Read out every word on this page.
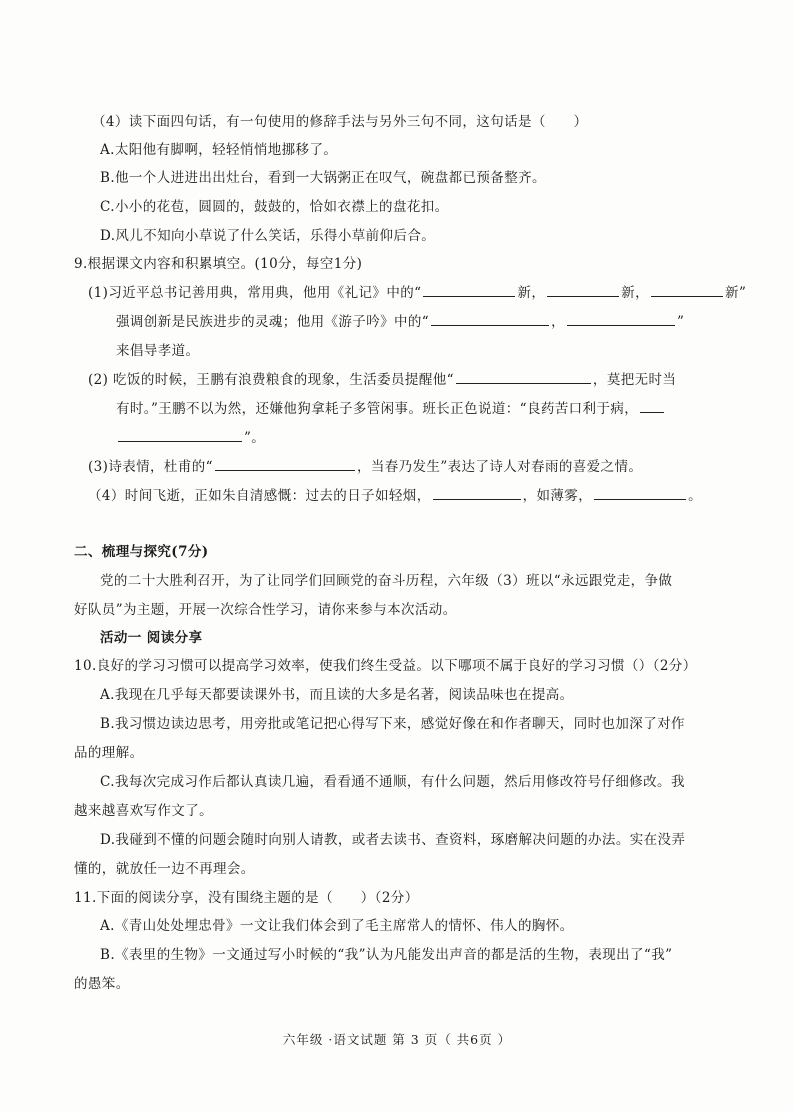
（4）读下面四句话，有一句使用的修辞手法与另外三句不同，这句话是（　　）
A.太阳他有脚啊，轻轻悄悄地挪移了。
B.他一个人进进出出灶台，看到一大锅粥正在叹气，碗盘都已预备整齐。
C.小小的花苞，圆圆的，鼓鼓的，恰如衣襟上的盘花扣。
D.风儿不知向小草说了什么笑话，乐得小草前仰后合。
9.根据课文内容和积累填空。(10分，每空1分)
(1)习近平总书记善用典，常用典，他用《礼记》中的“	新，	新，	新”
强调创新是民族进步的灵魂；他用《游子吟》中的“	，	”
来倡导孝道。
(2) 吃饭的时候，王鹏有浪费粮食的现象，生活委员提醒他“	，莫把无时当
有时。”王鹏不以为然，还嫌他狗拿耗子多管闲事。班长正色说道：“良药苦口利于病，
”。
(3)诗表情，杜甫的“	，当春乃发生”表达了诗人对春雨的喜爱之情。
（4）时间飞逝，正如朱自清感慨：过去的日子如轻烟，	，如薄雾，	。
二、梳理与探究(7分)
党的二十大胜利召开，为了让同学们回顾党的奋斗历程，六年级（3）班以“永远跟党走，争做
好队员”为主题，开展一次综合性学习，请你来参与本次活动。
活动一 阅读分享
10.良好的学习习惯可以提高学习效率，使我们终生受益。以下哪项不属于良好的学习习惯（）（2分）
A.我现在几乎每天都要读课外书，而且读的大多是名著，阅读品味也在提高。
B.我习惯边读边思考，用旁批或笔记把心得写下来，感觉好像在和作者聊天，同时也加深了对作
品的理解。
C.我每次完成习作后都认真读几遍，看看通不通顺，有什么问题，然后用修改符号仔细修改。我
越来越喜欢写作文了。
D.我碰到不懂的问题会随时向别人请教，或者去读书、查资料，琢磨解决问题的办法。实在没弄
懂的，就放任一边不再理会。
11.下面的阅读分享，没有围绕主题的是（　　）（2分）
A.《青山处处埋忠骨》一文让我们体会到了毛主席常人的情怀、伟人的胸怀。
B.《表里的生物》一文通过写小时候的“我”认为凡能发出声音的都是活的生物，表现出了“我”
的愚笨。
六年级 ·语文试题 第 3 页（ 共6页 ）
